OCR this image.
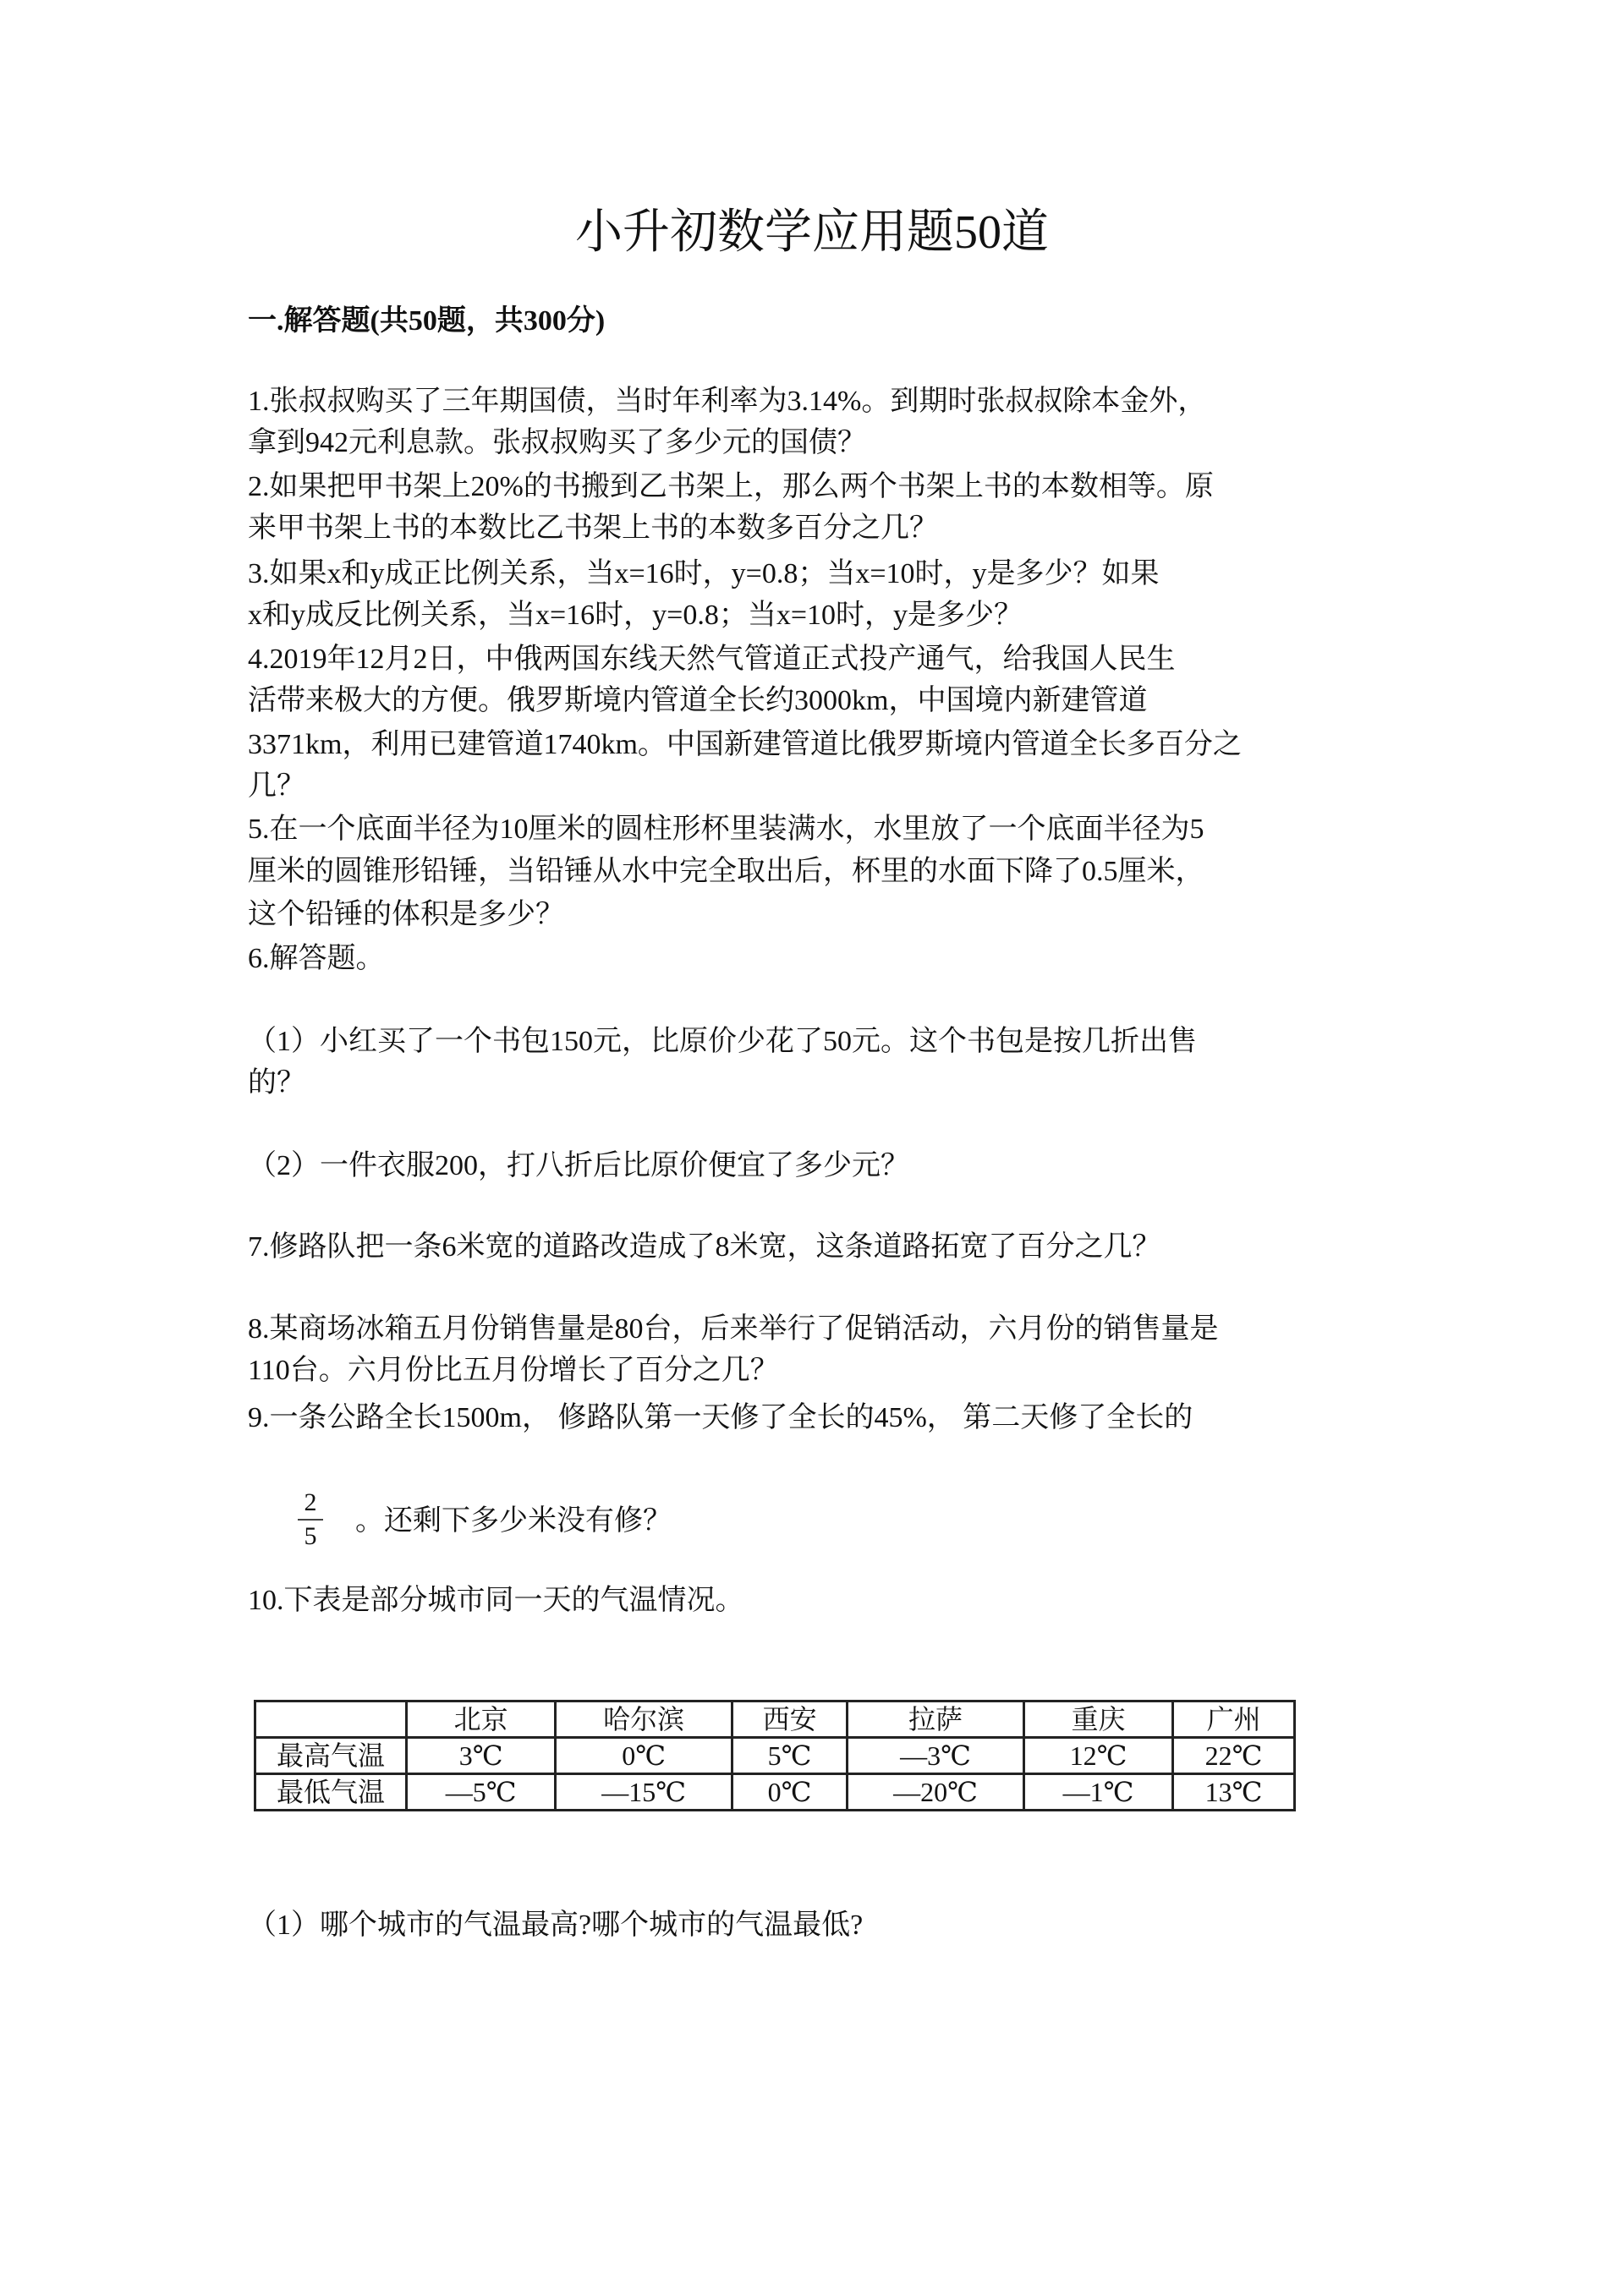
小升初数学应用题50道
一.解答题(共50题，共300分)
1.张叔叔购买了三年期国债，当时年利率为3.14%。到期时张叔叔除本金外，
拿到942元利息款。张叔叔购买了多少元的国债？
2.如果把甲书架上20%的书搬到乙书架上，那么两个书架上书的本数相等。原
来甲书架上书的本数比乙书架上书的本数多百分之几？
3.如果x和y成正比例关系，当x=16时，y=0.8；当x=10时，y是多少？如果
x和y成反比例关系，当x=16时，y=0.8；当x=10时，y是多少？
4.2019年12月2日，中俄两国东线天然气管道正式投产通气，给我国人民生
活带来极大的方便。俄罗斯境内管道全长约3000km，中国境内新建管道
3371km，利用已建管道1740km。中国新建管道比俄罗斯境内管道全长多百分之
几？
5.在一个底面半径为10厘米的圆柱形杯里装满水，水里放了一个底面半径为5
厘米的圆锥形铅锤，当铅锤从水中完全取出后，杯里的水面下降了0.5厘米，
这个铅锤的体积是多少？
6.解答题。
（1）小红买了一个书包150元，比原价少花了50元。这个书包是按几折出售
的？
（2）一件衣服200，打八折后比原价便宜了多少元？
7.修路队把一条6米宽的道路改造成了8米宽，这条道路拓宽了百分之几？
8.某商场冰箱五月份销售量是80台，后来举行了促销活动，六月份的销售量是
110台。六月份比五月份增长了百分之几？
9.一条公路全长1500m， 修路队第一天修了全长的45%， 第二天修了全长的
2
5 。还剩下多少米没有修？
10.下表是部分城市同一天的气温情况。
	北京	哈尔滨	西安	拉萨	重庆	广州
最高气温	3℃	0℃	5℃	—3℃	12℃	22℃
最低气温	—5℃	—15℃	0℃	—20℃	—1℃	13℃
（1）哪个城市的气温最高?哪个城市的气温最低?
